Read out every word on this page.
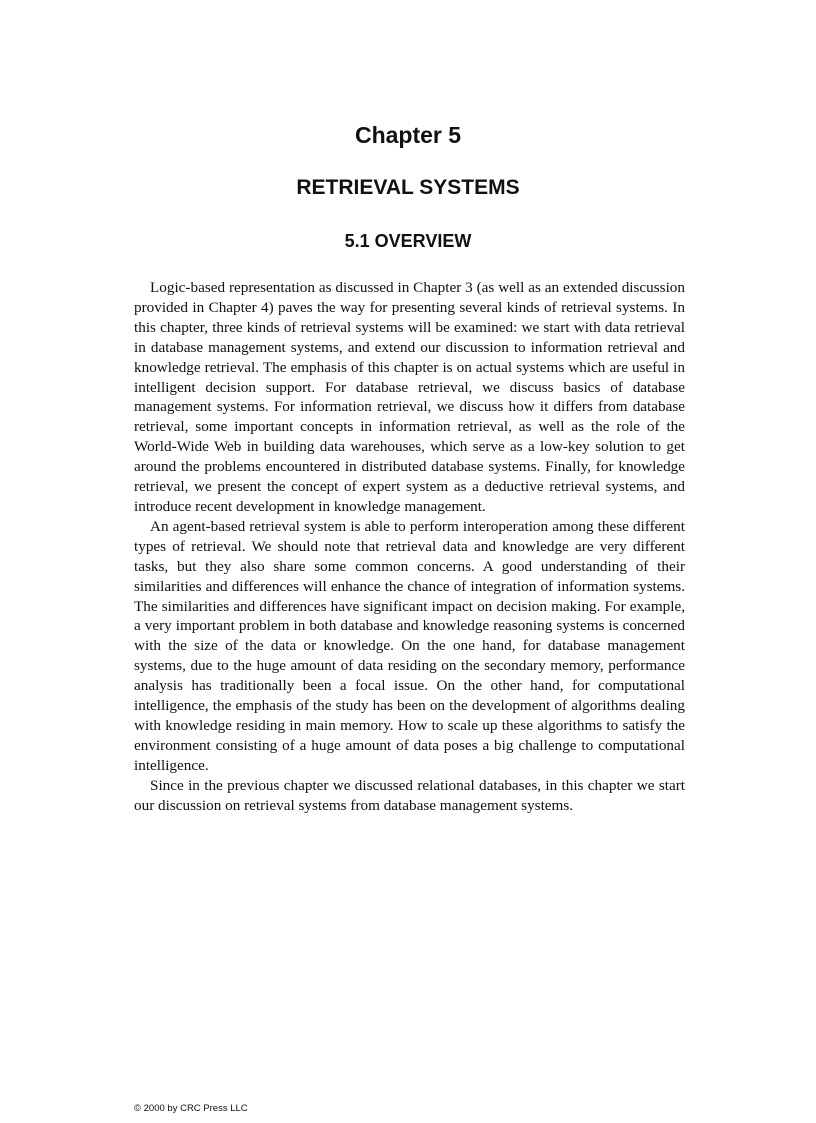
Chapter 5
RETRIEVAL SYSTEMS
5.1 OVERVIEW

Logic-based representation as discussed in Chapter 3 (as well as an extended discussion provided in Chapter 4) paves the way for presenting several kinds of retrieval systems. In this chapter, three kinds of retrieval systems will be examined: we start with data retrieval in database management systems, and extend our discussion to information retrieval and knowledge retrieval. The emphasis of this chapter is on actual systems which are useful in intelligent decision support. For database retrieval, we discuss basics of database management systems. For information retrieval, we discuss how it differs from database retrieval, some important concepts in information retrieval, as well as the role of the World-Wide Web in building data warehouses, which serve as a low-key solution to get around the problems encountered in distributed database systems. Finally, for knowledge retrieval, we present the concept of expert system as a deductive retrieval systems, and introduce recent development in knowledge management.

An agent-based retrieval system is able to perform interoperation among these different types of retrieval. We should note that retrieval data and knowledge are very different tasks, but they also share some common concerns. A good understanding of their similarities and differences will enhance the chance of integration of information systems. The similarities and differences have significant impact on decision making. For example, a very important problem in both database and knowledge reasoning systems is concerned with the size of the data or knowledge. On the one hand, for database management systems, due to the huge amount of data residing on the secondary memory, performance analysis has traditionally been a focal issue. On the other hand, for computational intelligence, the emphasis of the study has been on the development of algorithms dealing with knowledge residing in main memory. How to scale up these algorithms to satisfy the environment consisting of a huge amount of data poses a big challenge to computational intelligence.

Since in the previous chapter we discussed relational databases, in this chapter we start our discussion on retrieval systems from database management systems.

© 2000 by CRC Press LLC
